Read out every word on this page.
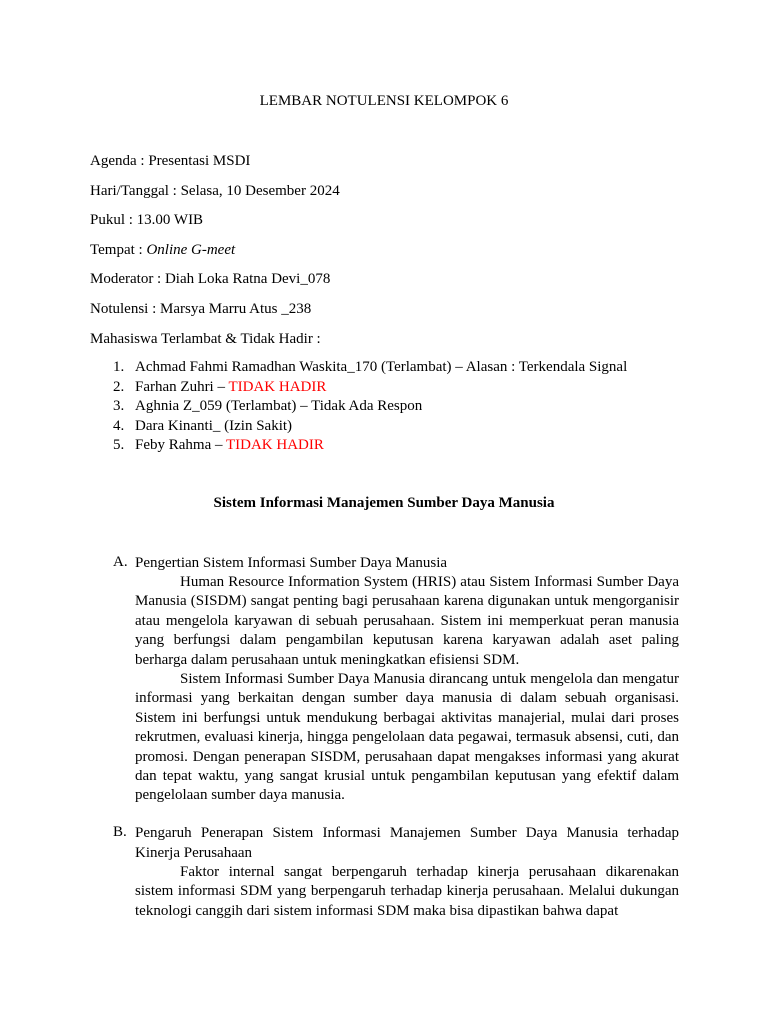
LEMBAR NOTULENSI KELOMPOK 6
Agenda : Presentasi MSDI
Hari/Tanggal : Selasa, 10 Desember 2024
Pukul : 13.00 WIB
Tempat : Online G-meet
Moderator : Diah Loka Ratna Devi_078
Notulensi : Marsya Marru Atus _238
Mahasiswa Terlambat & Tidak Hadir :
1. Achmad Fahmi Ramadhan Waskita_170 (Terlambat) – Alasan : Terkendala Signal
2. Farhan Zuhri – TIDAK HADIR
3. Aghnia Z_059 (Terlambat) – Tidak Ada Respon
4. Dara Kinanti_ (Izin Sakit)
5. Feby Rahma – TIDAK HADIR
Sistem Informasi Manajemen Sumber Daya Manusia
A. Pengertian Sistem Informasi Sumber Daya Manusia

Human Resource Information System (HRIS) atau Sistem Informasi Sumber Daya Manusia (SISDM) sangat penting bagi perusahaan karena digunakan untuk mengorganisir atau mengelola karyawan di sebuah perusahaan. Sistem ini memperkuat peran manusia yang berfungsi dalam pengambilan keputusan karena karyawan adalah aset paling berharga dalam perusahaan untuk meningkatkan efisiensi SDM.

Sistem Informasi Sumber Daya Manusia dirancang untuk mengelola dan mengatur informasi yang berkaitan dengan sumber daya manusia di dalam sebuah organisasi. Sistem ini berfungsi untuk mendukung berbagai aktivitas manajerial, mulai dari proses rekrutmen, evaluasi kinerja, hingga pengelolaan data pegawai, termasuk absensi, cuti, dan promosi. Dengan penerapan SISDM, perusahaan dapat mengakses informasi yang akurat dan tepat waktu, yang sangat krusial untuk pengambilan keputusan yang efektif dalam pengelolaan sumber daya manusia.

B. Pengaruh Penerapan Sistem Informasi Manajemen Sumber Daya Manusia terhadap Kinerja Perusahaan

Faktor internal sangat berpengaruh terhadap kinerja perusahaan dikarenakan sistem informasi SDM yang berpengaruh terhadap kinerja perusahaan. Melalui dukungan teknologi canggih dari sistem informasi SDM maka bisa dipastikan bahwa dapat
